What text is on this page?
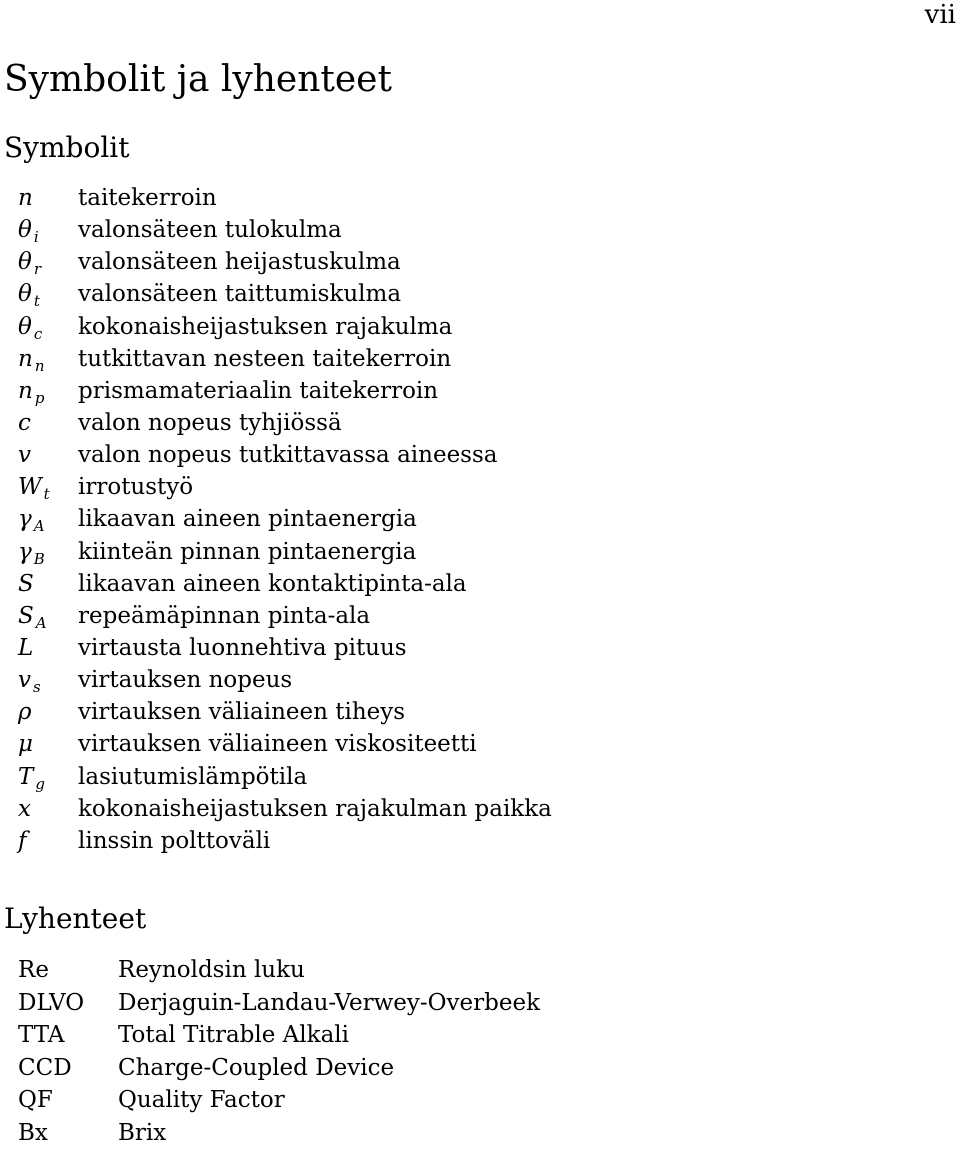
vii
Symbolit ja lyhenteet
Symbolit
n	taitekerroin
θ $_i$	valonsäteen tulokulma
θ $_r$	valonsäteen heijastuskulma
θ $_t$	valonsäteen taittumiskulma
θ $_c$	kokonaisheijastuksen rajakulma
n $_n$	tutkittavan nesteen taitekerroin
n $_p$	prismamateriaalin taitekerroin
c	valon nopeus tyhjiössä
v	valon nopeus tutkittavassa aineessa
W $_t$	irrotustyö
γ $_A$	likaavan aineen pintaenergia
γ $_B$	kiinteän pinnan pintaenergia
S	likaavan aineen kontaktipinta-ala
S $_A$	repeämäpinnan pinta-ala
L	virtausta luonnehtiva pituus
v $_s$	virtauksen nopeus
ρ	virtauksen väliaineen tiheys
μ	virtauksen väliaineen viskositeetti
T $_g$	lasiutumislämpötila
x	kokonaisheijastuksen rajakulman paikka
f	linssin polttoväli
Lyhenteet
Re	Reynoldsin luku
DLVO	Derjaguin-Landau-Verwey-Overbeek
TTA	Total Titrable Alkali
CCD	Charge-Coupled Device
QF	Quality Factor
Bx	Brix
